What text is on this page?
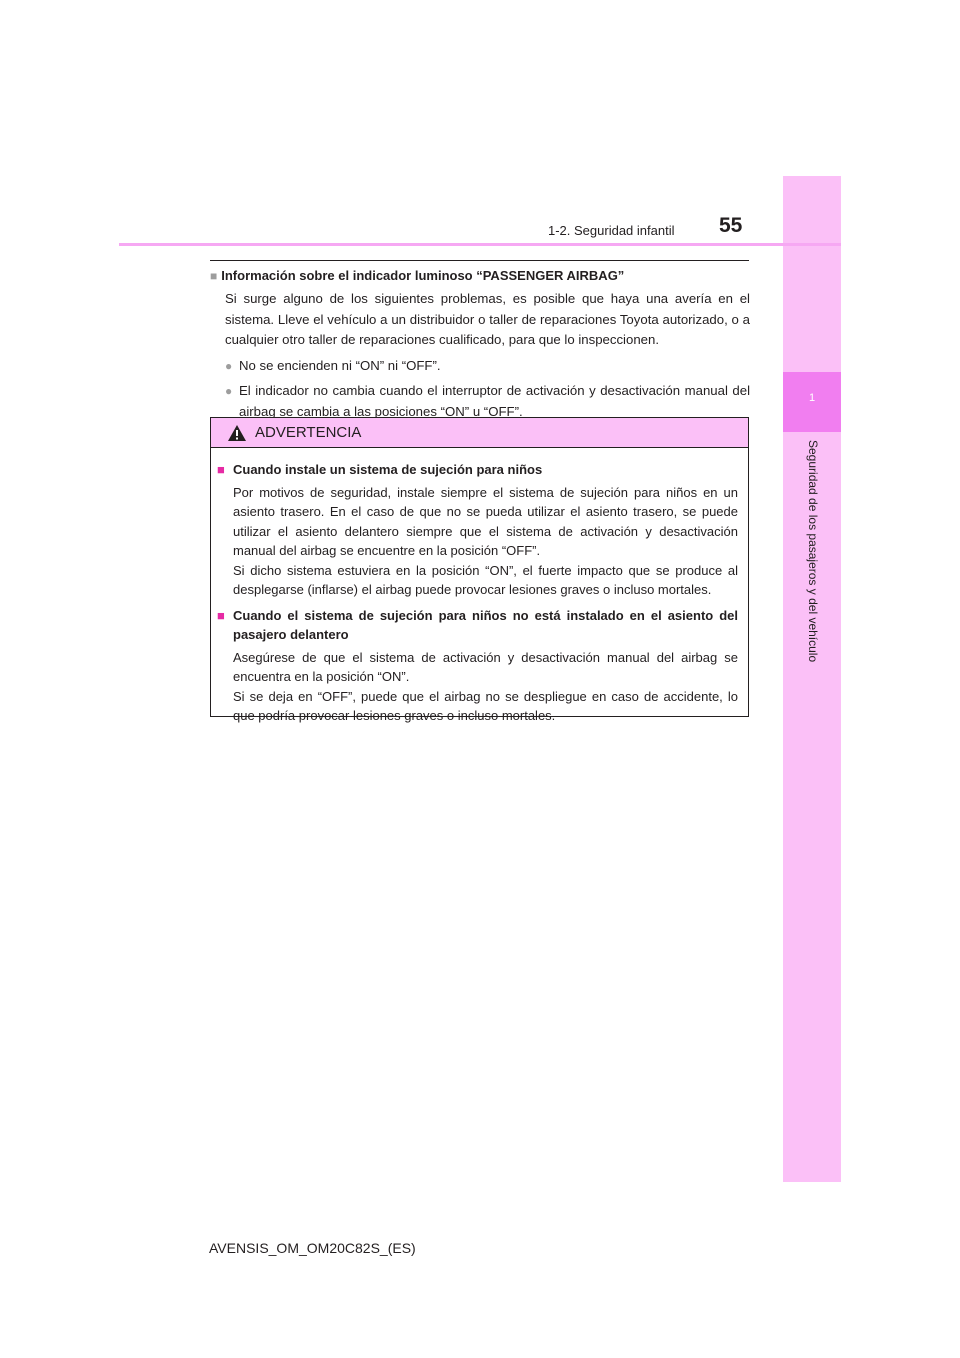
1
Seguridad de los pasajeros y del vehículo
1-2. Seguridad infantil 55
■ Información sobre el indicador luminoso “PASSENGER AIRBAG”
Si surge alguno de los siguientes problemas, es posible que haya una avería en el sistema. Lleve el vehículo a un distribuidor o taller de reparaciones Toyota autorizado, o a cualquier otro taller de reparaciones cualificado, para que lo inspeccionen.
● No se encienden ni “ON” ni “OFF”.
● El indicador no cambia cuando el interruptor de activación y desactivación manual del airbag se cambia a las posiciones “ON” u “OFF”.
ADVERTENCIA
■ Cuando instale un sistema de sujeción para niños
Por motivos de seguridad, instale siempre el sistema de sujeción para niños en un asiento trasero. En el caso de que no se pueda utilizar el asiento trasero, se puede utilizar el asiento delantero siempre que el sistema de activación y desactivación manual del airbag se encuentre en la posición “OFF”.
Si dicho sistema estuviera en la posición “ON”, el fuerte impacto que se produce al desplegarse (inflarse) el airbag puede provocar lesiones graves o incluso mortales.
■ Cuando el sistema de sujeción para niños no está instalado en el asiento del pasajero delantero
Asegúrese de que el sistema de activación y desactivación manual del airbag se encuentra en la posición “ON”.
Si se deja en “OFF”, puede que el airbag no se despliegue en caso de accidente, lo que podría provocar lesiones graves o incluso mortales.
AVENSIS_OM_OM20C82S_(ES)
